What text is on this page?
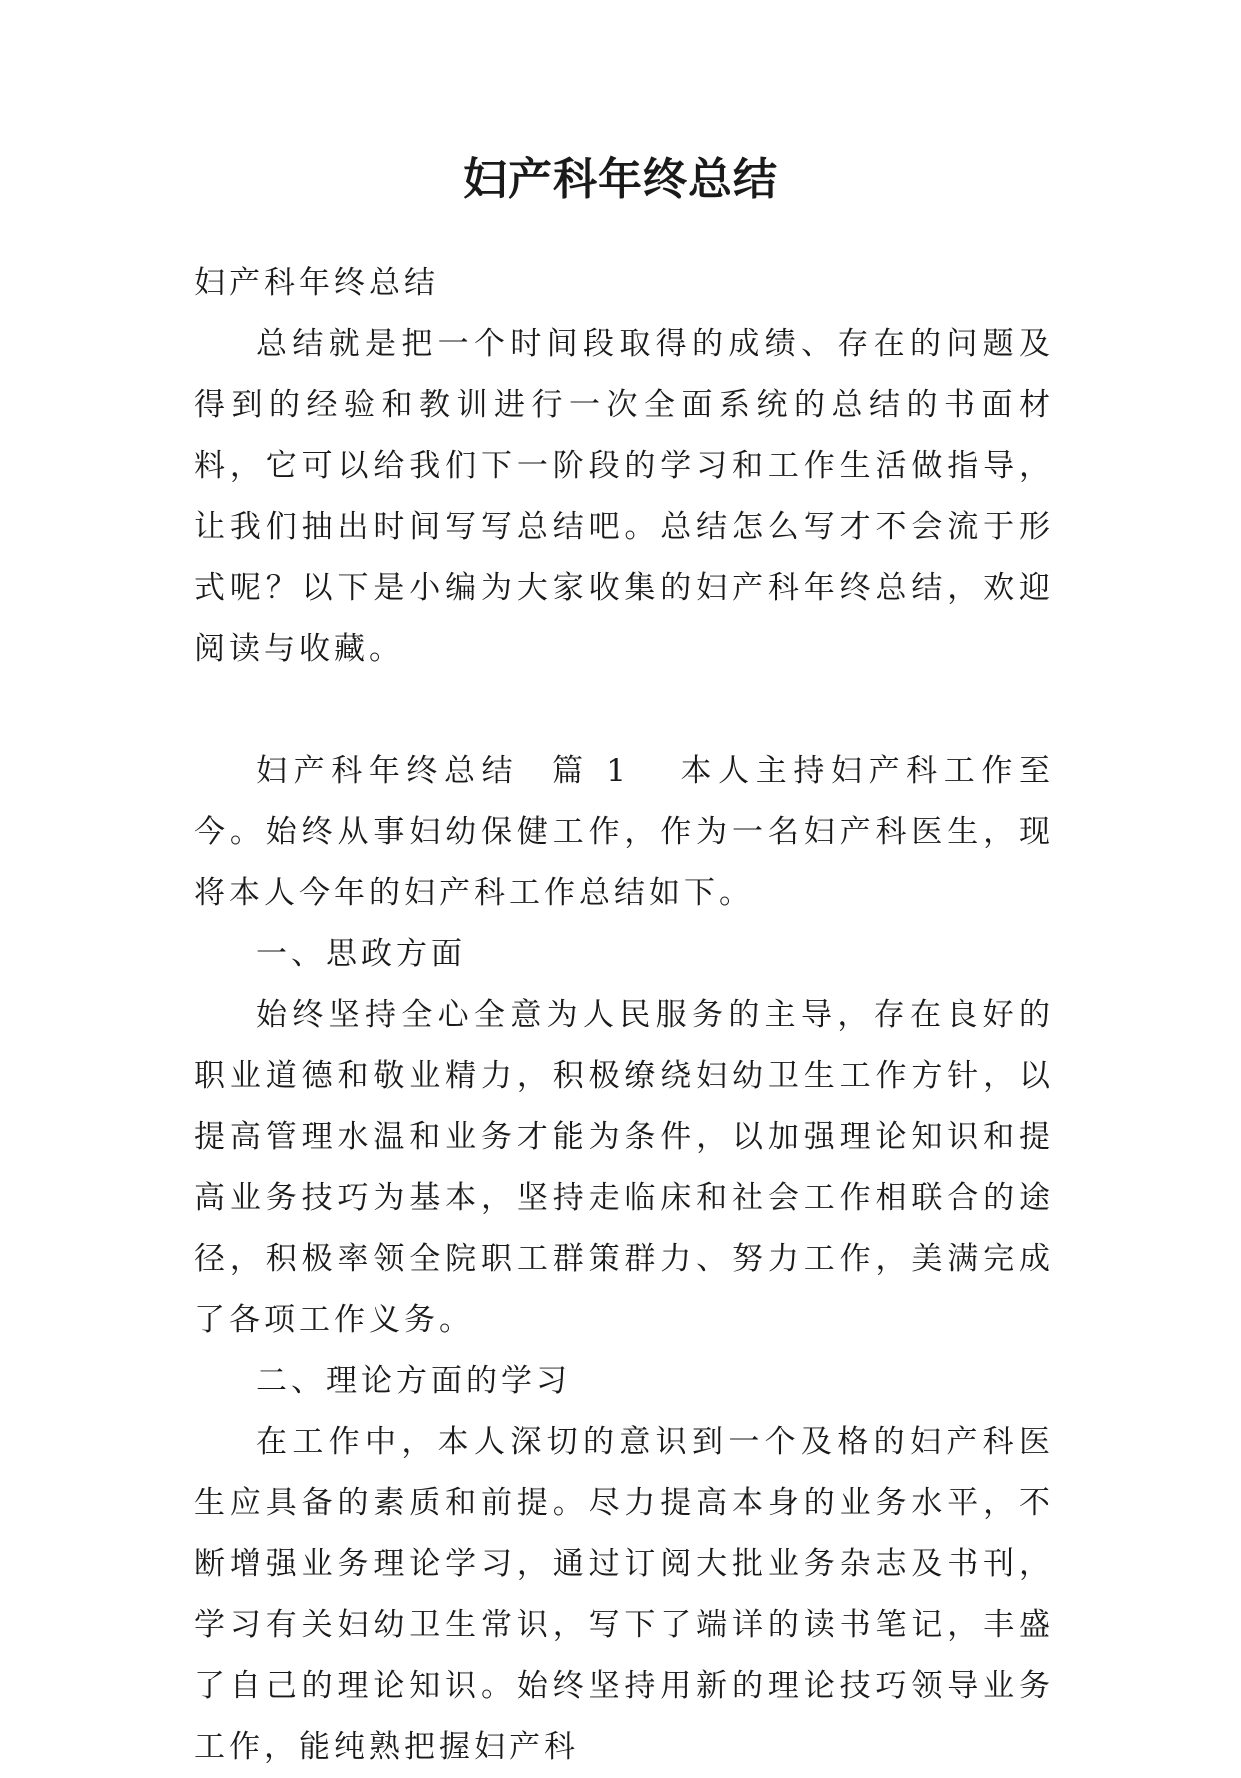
妇产科年终总结

妇产科年终总结

总结就是把一个时间段取得的成绩、存在的问题及得到的经验和教训进行一次全面系统的总结的书面材料，它可以给我们下一阶段的学习和工作生活做指导，让我们抽出时间写写总结吧。总结怎么写才不会流于形式呢？以下是小编为大家收集的妇产科年终总结，欢迎阅读与收藏。

妇产科年终总结 篇 1 本人主持妇产科工作至今。始终从事妇幼保健工作，作为一名妇产科医生，现将本人今年的妇产科工作总结如下。

一、思政方面

始终坚持全心全意为人民服务的主导，存在良好的职业道德和敬业精力，积极缭绕妇幼卫生工作方针，以提高管理水温和业务才能为条件，以加强理论知识和提高业务技巧为基本，坚持走临床和社会工作相联合的途径，积极率领全院职工群策群力、努力工作，美满完成了各项工作义务。

二、理论方面的学习

在工作中，本人深切的意识到一个及格的妇产科医生应具备的素质和前提。尽力提高本身的业务水平，不断增强业务理论学习，通过订阅大批业务杂志及书刊，学习有关妇幼卫生常识，写下了端详的读书笔记，丰盛了自己的理论知识。始终坚持用新的理论技巧领导业务工作，能纯熟把握妇产科
